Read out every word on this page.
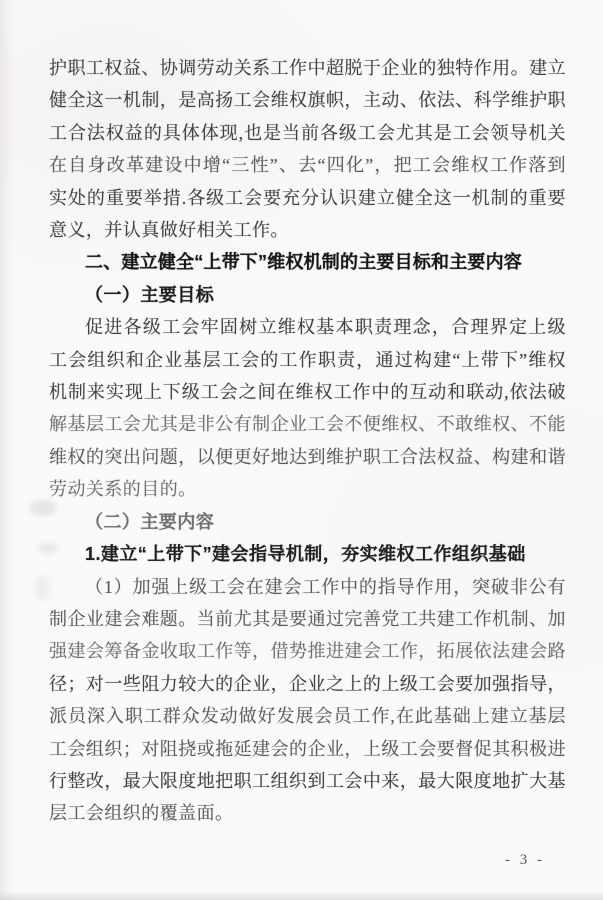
护职工权益、协调劳动关系工作中超脱于企业的独特作用。建立
健全这一机制，是高扬工会维权旗帜，主动、依法、科学维护职
工合法权益的具体体现,也是当前各级工会尤其是工会领导机关
在自身改革建设中增“三性”、去“四化”，把工会维权工作落到
实处的重要举措.各级工会要充分认识建立健全这一机制的重要
意义，并认真做好相关工作。
二、建立健全“上带下”维权机制的主要目标和主要内容
（一）主要目标
促进各级工会牢固树立维权基本职责理念，合理界定上级
工会组织和企业基层工会的工作职责，通过构建“上带下”维权
机制来实现上下级工会之间在维权工作中的互动和联动,依法破
解基层工会尤其是非公有制企业工会不便维权、不敢维权、不能
维权的突出问题，以便更好地达到维护职工合法权益、构建和谐
劳动关系的目的。
（二）主要内容
1.建立“上带下”建会指导机制，夯实维权工作组织基础
（1）加强上级工会在建会工作中的指导作用，突破非公有
制企业建会难题。当前尤其是要通过完善党工共建工作机制、加
强建会筹备金收取工作等，借势推进建会工作，拓展依法建会路
径；对一些阻力较大的企业，企业之上的上级工会要加强指导，
派员深入职工群众发动做好发展会员工作,在此基础上建立基层
工会组织；对阻挠或拖延建会的企业，上级工会要督促其积极进
行整改，最大限度地把职工组织到工会中来，最大限度地扩大基
层工会组织的覆盖面。
- 3 -
